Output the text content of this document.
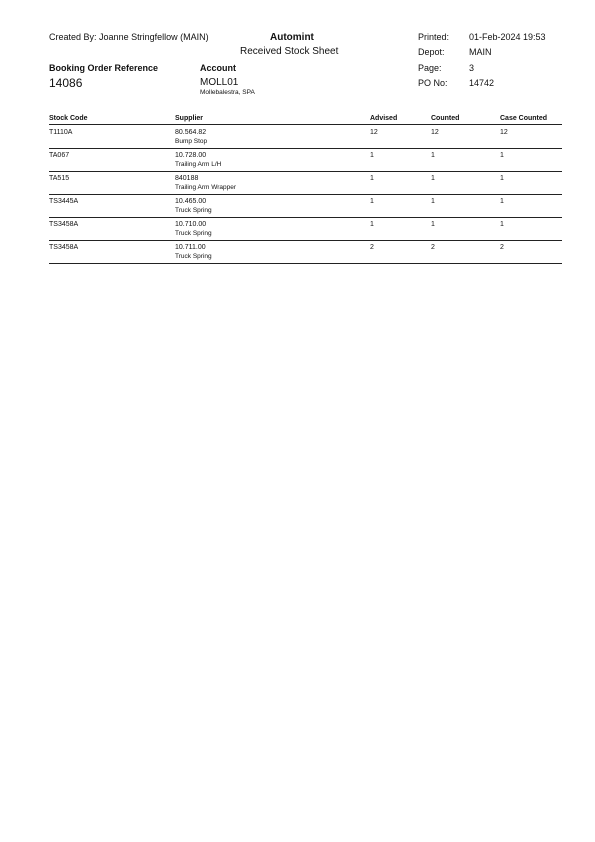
Created By: Joanne Stringfellow (MAIN)	Automint
Received Stock Sheet
Printed: 01-Feb-2024 19:53
Depot:	MAIN
Page:	3
PO No: 14742
Booking Order Reference
14086
Account
MOLL01
Mollebalestra, SPA
Stock Code	Supplier	Advised	Counted	Case Counted
T1110A	80.564.82	12	12	12
Bump Stop
TA067	10.728.00	1	1	1
Trailing Arm L/H
TA515	840188	1	1	1
Trailing Arm Wrapper
TS3445A	10.465.00	1	1	1
Truck Spring
TS3458A	10.710.00	1	1	1
Truck Spring
TS3458A	10.711.00	2	2	2
Truck Spring
